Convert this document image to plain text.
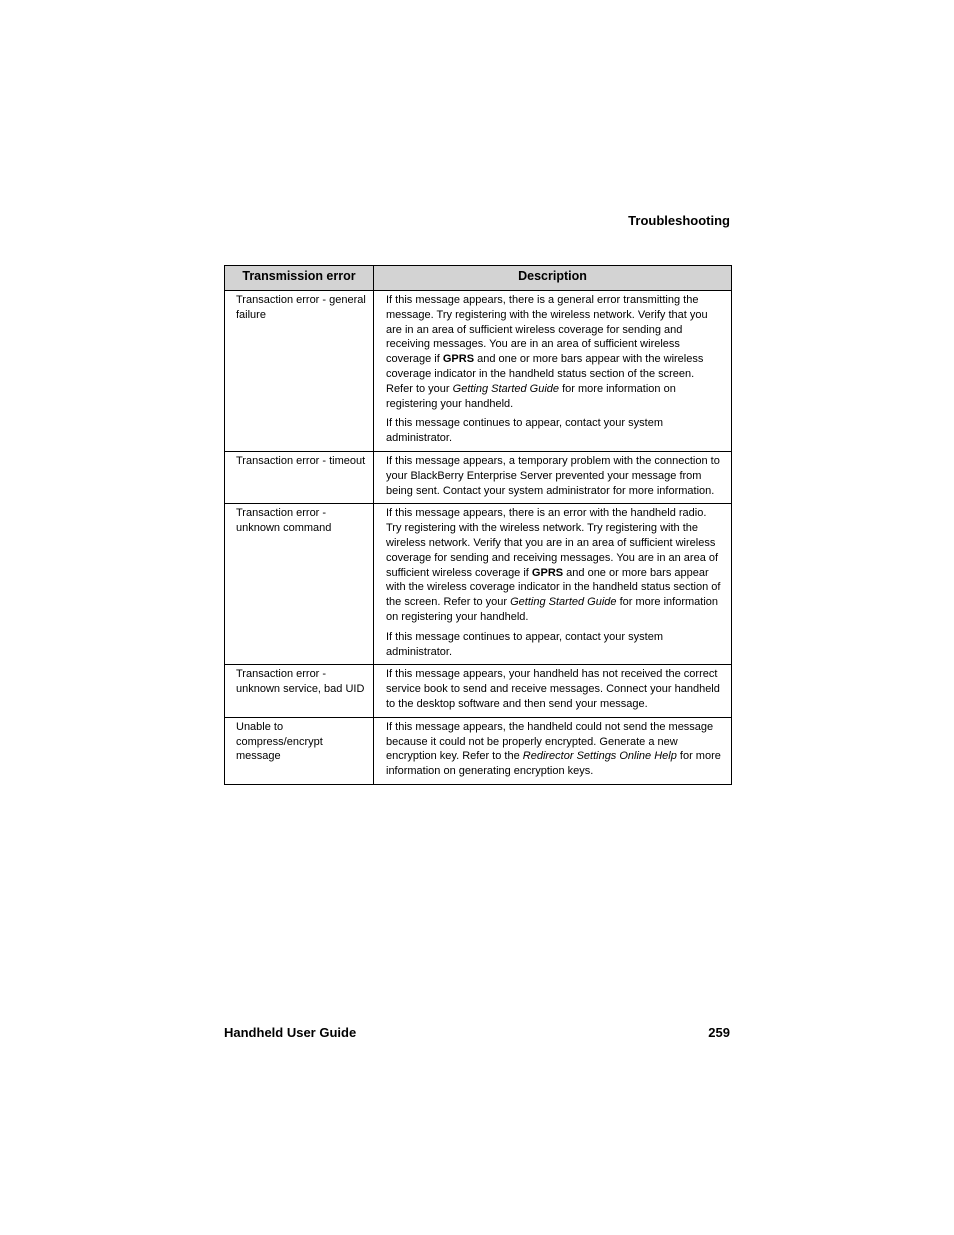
Troubleshooting
Transmission error	Description
Transaction error - general failure	If this message appears, there is a general error transmitting the message. Try registering with the wireless network. Verify that you are in an area of sufficient wireless coverage for sending and receiving messages. You are in an area of sufficient wireless coverage if GPRS and one or more bars appear with the wireless coverage indicator in the handheld status section of the screen. Refer to your Getting Started Guide for more information on registering your handheld.

If this message continues to appear, contact your system administrator.

Transaction error - timeout	If this message appears, a temporary problem with the connection to your BlackBerry Enterprise Server prevented your message from being sent. Contact your system administrator for more information.

Transaction error - unknown command	If this message appears, there is an error with the handheld radio. Try registering with the wireless network. Try registering with the wireless network. Verify that you are in an area of sufficient wireless coverage for sending and receiving messages. You are in an area of sufficient wireless coverage if GPRS and one or more bars appear with the wireless coverage indicator in the handheld status section of the screen. Refer to your Getting Started Guide for more information on registering your handheld.

If this message continues to appear, contact your system administrator.

Transaction error - unknown service, bad UID	If this message appears, your handheld has not received the correct service book to send and receive messages. Connect your handheld to the desktop software and then send your message.

Unable to compress/encrypt message	If this message appears, the handheld could not send the message because it could not be properly encrypted. Generate a new encryption key. Refer to the Redirector Settings Online Help for more information on generating encryption keys.

Handheld User Guide	259
